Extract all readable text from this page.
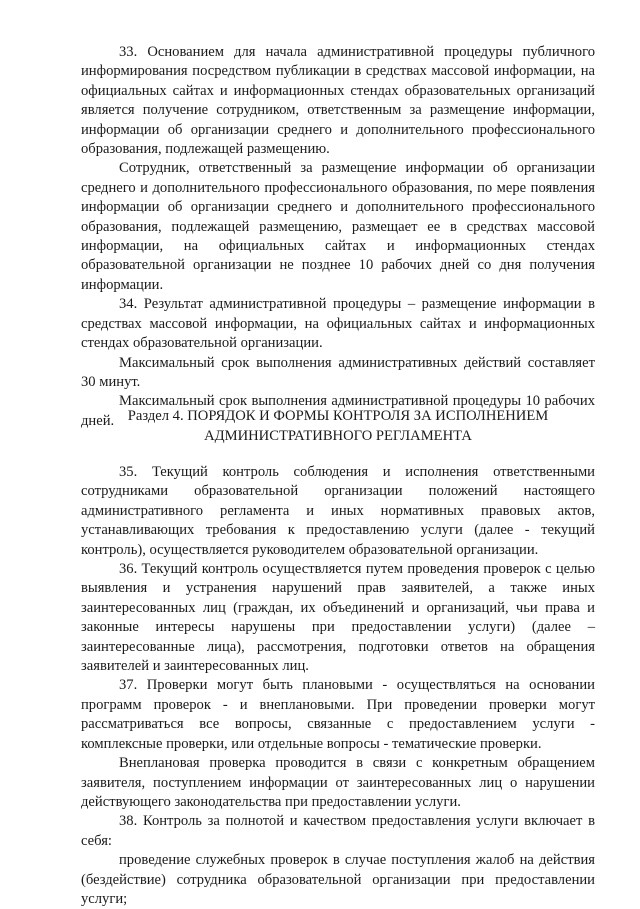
33. Основанием для начала административной процедуры публичного информирования посредством публикации в средствах массовой информации, на официальных сайтах и информационных стендах образовательных организаций является получение сотрудником, ответственным за размещение информации, информации об организации среднего и дополнительного профессионального образования, подлежащей размещению.

Сотрудник, ответственный за размещение информации об организации среднего и дополнительного профессионального образования, по мере появления информации об организации среднего и дополнительного профессионального образования, подлежащей размещению, размещает ее в средствах массовой информации, на официальных сайтах и информационных стендах образовательной организации не позднее 10 рабочих дней со дня получения информации.

34. Результат административной процедуры – размещение информации в средствах массовой информации, на официальных сайтах и информационных стендах образовательной организации.

Максимальный срок выполнения административных действий составляет 30 минут.

Максимальный срок выполнения административной процедуры 10 рабочих дней. Раздел 4. ПОРЯДОК И ФОРМЫ КОНТРОЛЯ ЗА ИСПОЛНЕНИЕМ
АДМИНИСТРАТИВНОГО РЕГЛАМЕНТА

35. Текущий контроль соблюдения и исполнения ответственными сотрудниками образовательной организации положений настоящего административного регламента и иных нормативных правовых актов, устанавливающих требования к предоставлению услуги (далее - текущий контроль), осуществляется руководителем образовательной организации.

36. Текущий контроль осуществляется путем проведения проверок с целью выявления и устранения нарушений прав заявителей, а также иных заинтересованных лиц (граждан, их объединений и организаций, чьи права и законные интересы нарушены при предоставлении услуги) (далее – заинтересованные лица), рассмотрения, подготовки ответов на обращения заявителей и заинтересованных лиц.

37. Проверки могут быть плановыми - осуществляться на основании программ проверок - и внеплановыми. При проведении проверки могут рассматриваться все вопросы, связанные с предоставлением услуги - комплексные проверки, или отдельные вопросы - тематические проверки.

Внеплановая проверка проводится в связи с конкретным обращением заявителя, поступлением информации от заинтересованных лиц о нарушении действующего законодательства при предоставлении услуги.

38. Контроль за полнотой и качеством предоставления услуги включает в себя:

проведение служебных проверок в случае поступления жалоб на действия (бездействие) сотрудника образовательной организации при предоставлении услуги;
